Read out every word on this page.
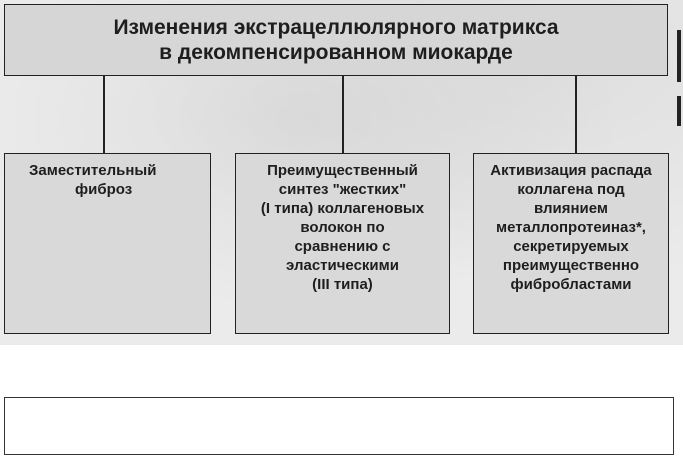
Изменения экстрацеллюлярного матрикса
в декомпенсированном миокарде
Заместительный
фиброз
Преимущественный
синтез "жестких"
(I типа) коллагеновых
волокон по
сравнению с
эластическими
(III типа)
Активизация распада
коллагена под
влиянием
металлопротеиназ*,
секретируемых
преимущественно
фибробластами
